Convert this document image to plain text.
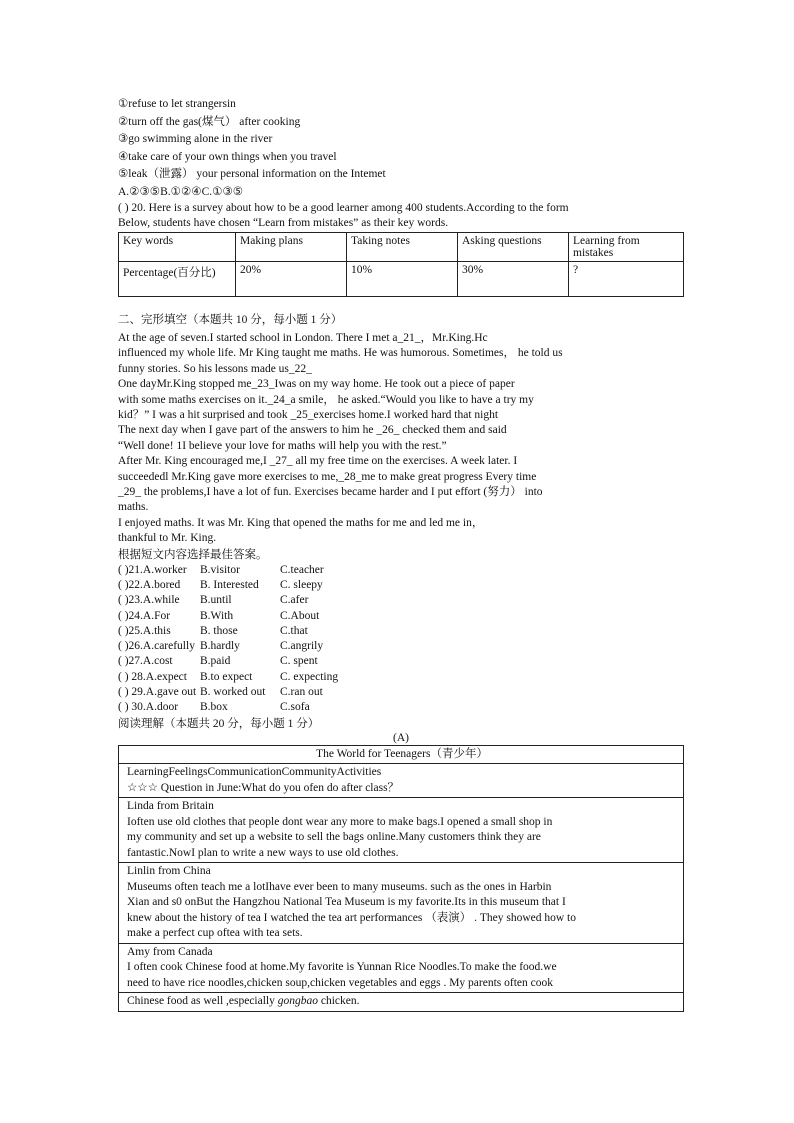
①refuse to let strangersin
②turn off the gas(煤气） after cooking
③go swimming alone in the river
④take care of your own things when you travel
⑤leak（泄露） your personal information on the Intemet
A.②③⑤B.①②④C.①③⑤
( ) 20. Here is a survey about how to be a good learner among 400 students.According to the form
Below, students have chosen “Learn from mistakes” as their key words.
Key words	Making plans	Taking notes	Asking questions	Learning from mistakes
Percentage(百分比)	20%	10%	30%	?
二、完形填空（本题共 10 分，每小题 1 分）
At the age of seven.I started school in London. There I met a_21_，Mr.King.Hc
influenced my whole life. Mr King taught me maths. He was humorous. Sometimes， he told us
funny stories. So his lessons made us_22_
One dayMr.King stopped me_23_Iwas on my way home. He took out a piece of paper
with some maths exercises on it._24_a smile， he asked.“Would you like to have a try my
kid？” I was a hit surprised and took _25_exercises home.I worked hard that night
The next day when I gave part of the answers to him he _26_ checked them and said
“Well done! 1I believe your love for maths will help you with the rest.”
After Mr. King encouraged me,I _27_ all my free time on the exercises. A week later. I
succeededl Mr.King gave more exercises to me,_28_me to make great progress Every time
_29_ the problems,I have a lot of fun. Exercises became harder and I put effort (努力） into
maths.
I enjoyed maths. It was Mr. King that opened the maths for me and led me in，
thankful to Mr. King.
根据短文内容选择最佳答案。
( )21.A.worker	B.visitor	C.teacher
( )22.A.bored	B. Interested	C. sleepy
( )23.A.while	B.until	C.afer
( )24.A.For	B.With	C.About
( )25.A.this	B. those	C.that
( )26.A.carefully B.hardly	C.angrily
( )27.A.cost	B.paid	C. spent
( ) 28.A.expect	B.to expect	C. expecting
( ) 29.A.gave out B. worked out	C.ran out
( ) 30.A.door	B.box	C.sofa
阅读理解（本题共 20 分，每小题 1 分）
(A)
The World for Teenagers（青少年）

LearningFeelingsCommunicationCommunityActivities
☆☆☆ Question in June:What do you ofen do after class？

Linda from Britain
Ioften use old clothes that people dont wear any more to make bags.I opened a small shop in
my community and set up a website to sell the bags online.Many customers think they are
fantastic.NowI plan to write a new ways to use old clothes.

Linlin from China
Museums often teach me a lotIhave ever been to many museums. such as the ones in Harbin
Xian and s0 onBut the Hangzhou National Tea Museum is my favorite.Its in this museum that I
knew about the history of tea I watched the tea art performances （表演） . They showed how to
make a perfect cup oftea with tea sets.

Amy from Canada
I often cook Chinese food at home.My favorite is Yunnan Rice Noodles.To make the food.we
need to have rice noodles,chicken soup,chicken vegetables and eggs . My parents often cook

Chinese food as well ,especially gongbao chicken.
